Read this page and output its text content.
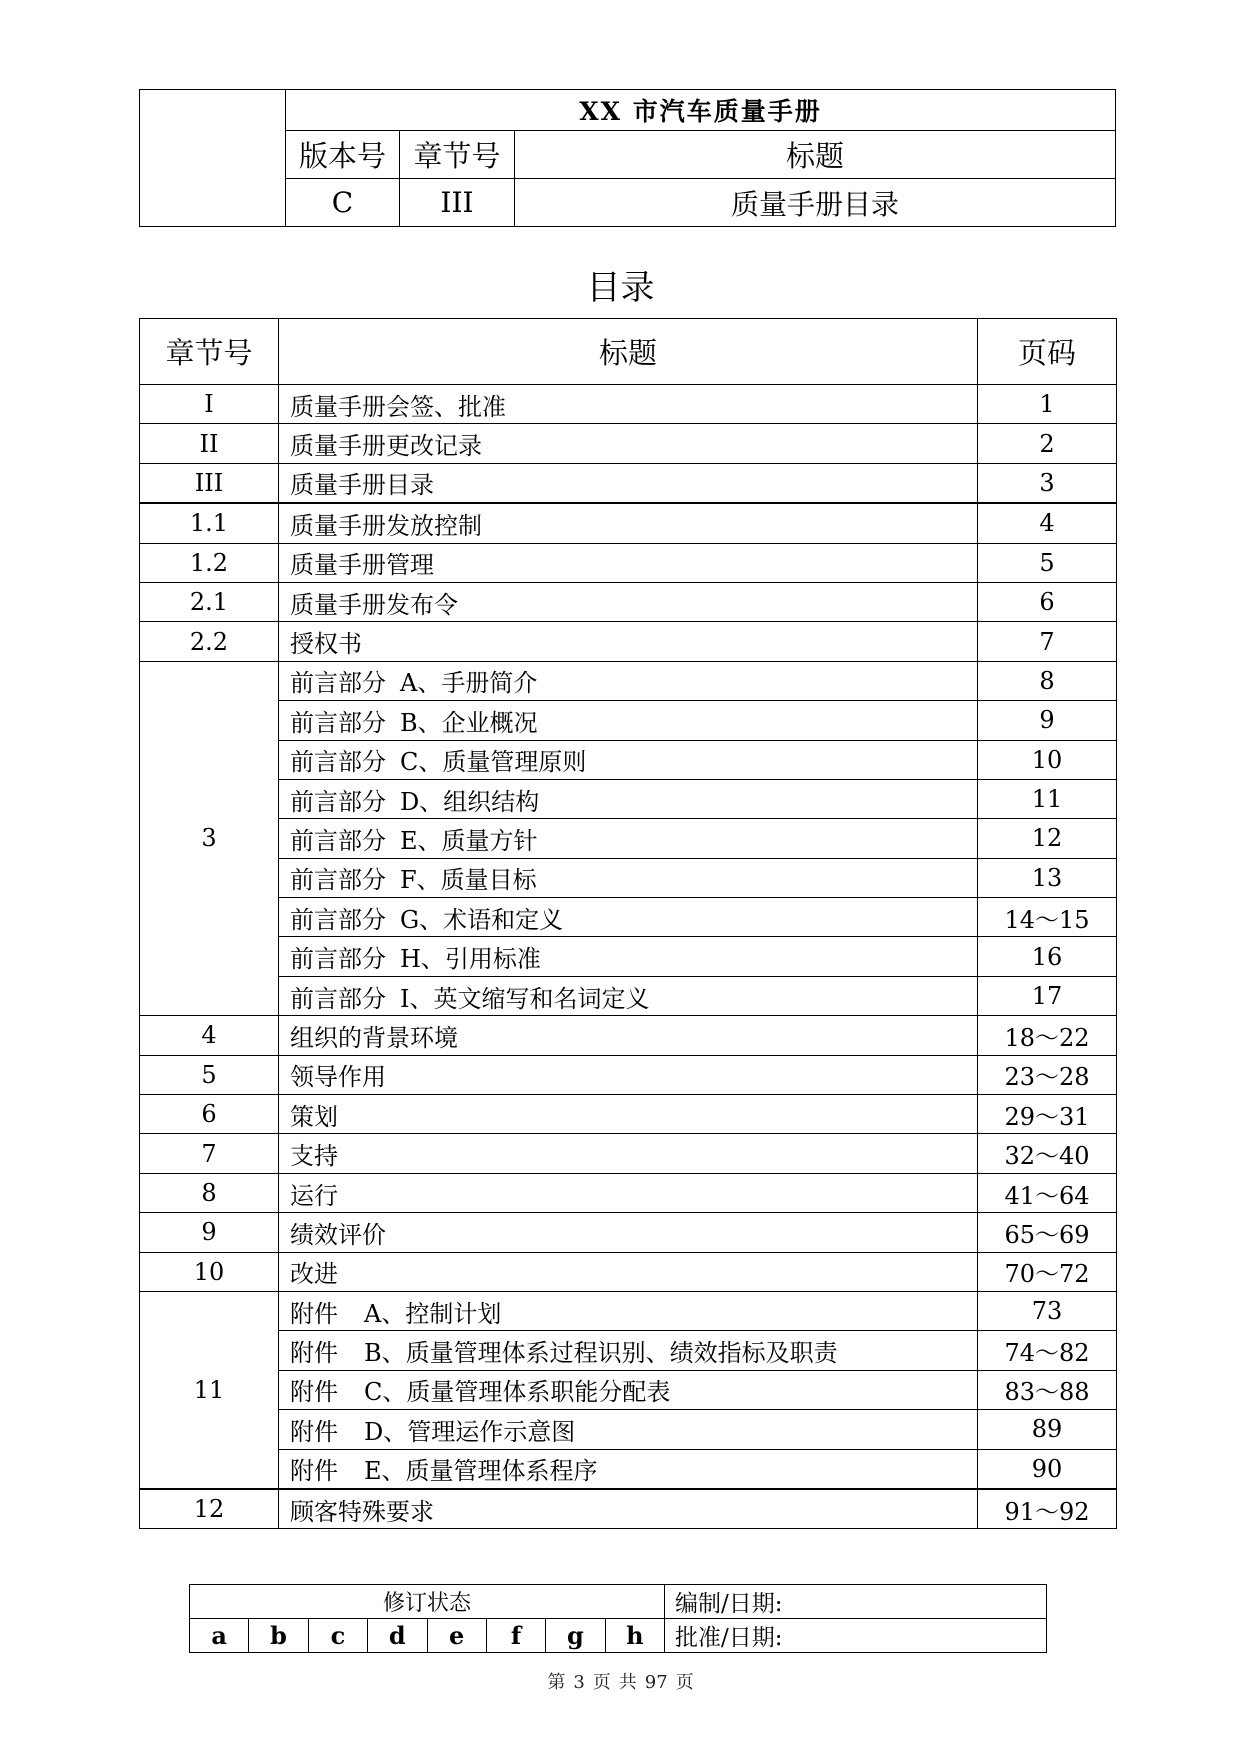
	XX 市汽车质量手册		
	版本号	章节号	标题
	C	III	质量手册目录
目录
章节号	标题	页码
I	质量手册会签、批准	1
II	质量手册更改记录	2
III	质量手册目录	3
1.1	质量手册发放控制	4
1.2	质量手册管理	5
2.1	质量手册发布令	6
2.2	授权书	7
3	前言部分 A、手册简介	8
	前言部分 B、企业概况	9
	前言部分 C、质量管理原则	10
	前言部分 D、组织结构	11
	前言部分 E、质量方针	12
	前言部分 F、质量目标	13
	前言部分 G、术语和定义	14～15
	前言部分 H、引用标准	16
	前言部分 I、英文缩写和名词定义	17
4	组织的背景环境	18～22
5	领导作用	23～28
6	策划	29～31
7	支持	32～40
8	运行	41～64
9	绩效评价	65～69
10	改进	70～72
11	附件 A、控制计划	73
	附件 B、质量管理体系过程识别、绩效指标及职责	74～82
	附件 C、质量管理体系职能分配表	83～88
	附件 D、管理运作示意图	89
	附件 E、质量管理体系程序	90
12	顾客特殊要求	91～92
修订状态								编制/日期:
a	b	c	d	e	f	g	h	批准/日期:
第 3 页 共 97 页
